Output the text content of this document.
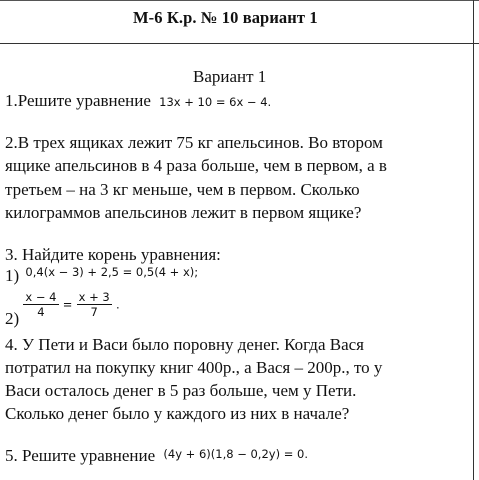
М-6 К.р. № 10 вариант 1
Вариант 1
1.Решите уравнение 13x + 10 = 6x − 4.
2.В трех ящиках лежит 75 кг апельсинов. Во втором
ящике апельсинов в 4 раза больше, чем в первом, а в
третьем – на 3 кг меньше, чем в первом. Сколько
килограммов апельсинов лежит в первом ящике?
3. Найдите корень уравнения:
1) $^{0,4(x - 3) + 2,5 = 0,5(4 + x);}$
$2) \frac{x - 4}{4} = \frac{x + 3}{7}$ .
4. У Пети и Васи было поровну денег. Когда Вася
потратил на покупку книг 400р., а Вася – 200р., то у
Васи осталось денег в 5 раз больше, чем у Пети.
Сколько денег было у каждого из них в начале?
5. Решите уравнение (4y + 6)(1,8 − 0,2y) = 0.
